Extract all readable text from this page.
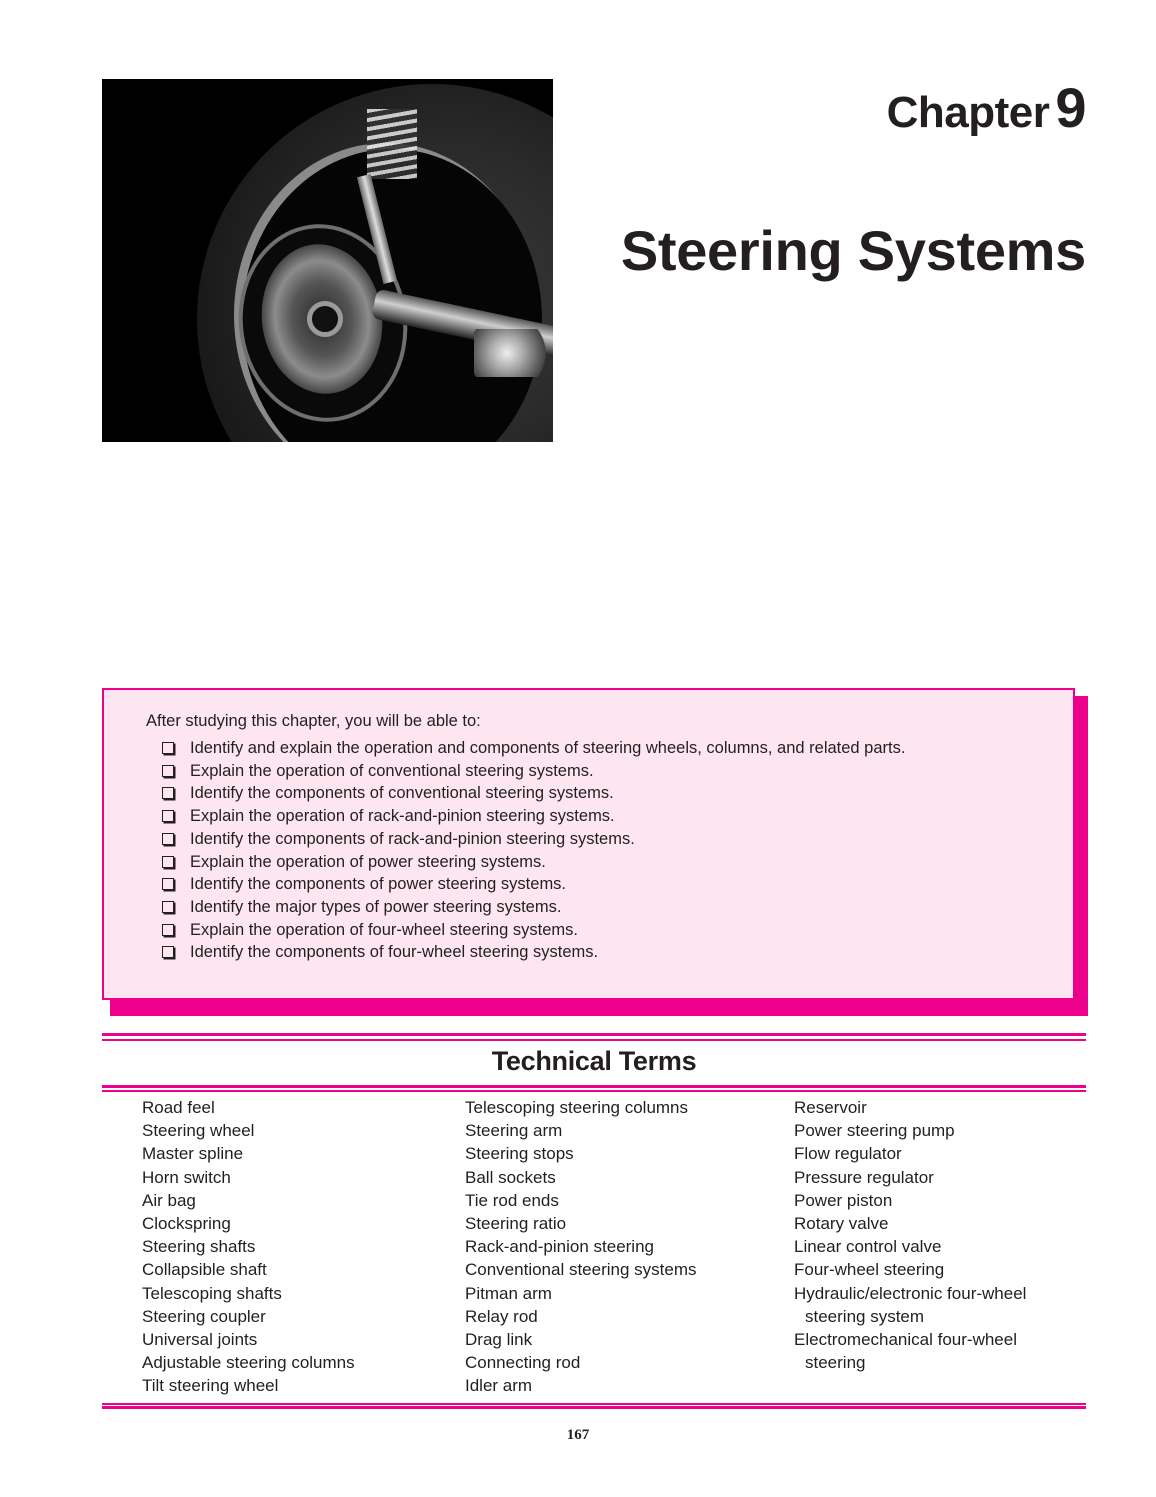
Chapter 9
Steering Systems
After studying this chapter, you will be able to:
Identify and explain the operation and components of steering wheels, columns, and related parts.
Explain the operation of conventional steering systems.
Identify the components of conventional steering systems.
Explain the operation of rack-and-pinion steering systems.
Identify the components of rack-and-pinion steering systems.
Explain the operation of power steering systems.
Identify the components of power steering systems.
Identify the major types of power steering systems.
Explain the operation of four-wheel steering systems.
Identify the components of four-wheel steering systems.
Technical Terms
Road feel
Steering wheel
Master spline
Horn switch
Air bag
Clockspring
Steering shafts
Collapsible shaft
Telescoping shafts
Steering coupler
Universal joints
Adjustable steering columns
Tilt steering wheel
Telescoping steering columns
Steering arm
Steering stops
Ball sockets
Tie rod ends
Steering ratio
Rack-and-pinion steering
Conventional steering systems
Pitman arm
Relay rod
Drag link
Connecting rod
Idler arm
Reservoir
Power steering pump
Flow regulator
Pressure regulator
Power piston
Rotary valve
Linear control valve
Four-wheel steering
Hydraulic/electronic four-wheel
steering system
Electromechanical four-wheel
steering
167
